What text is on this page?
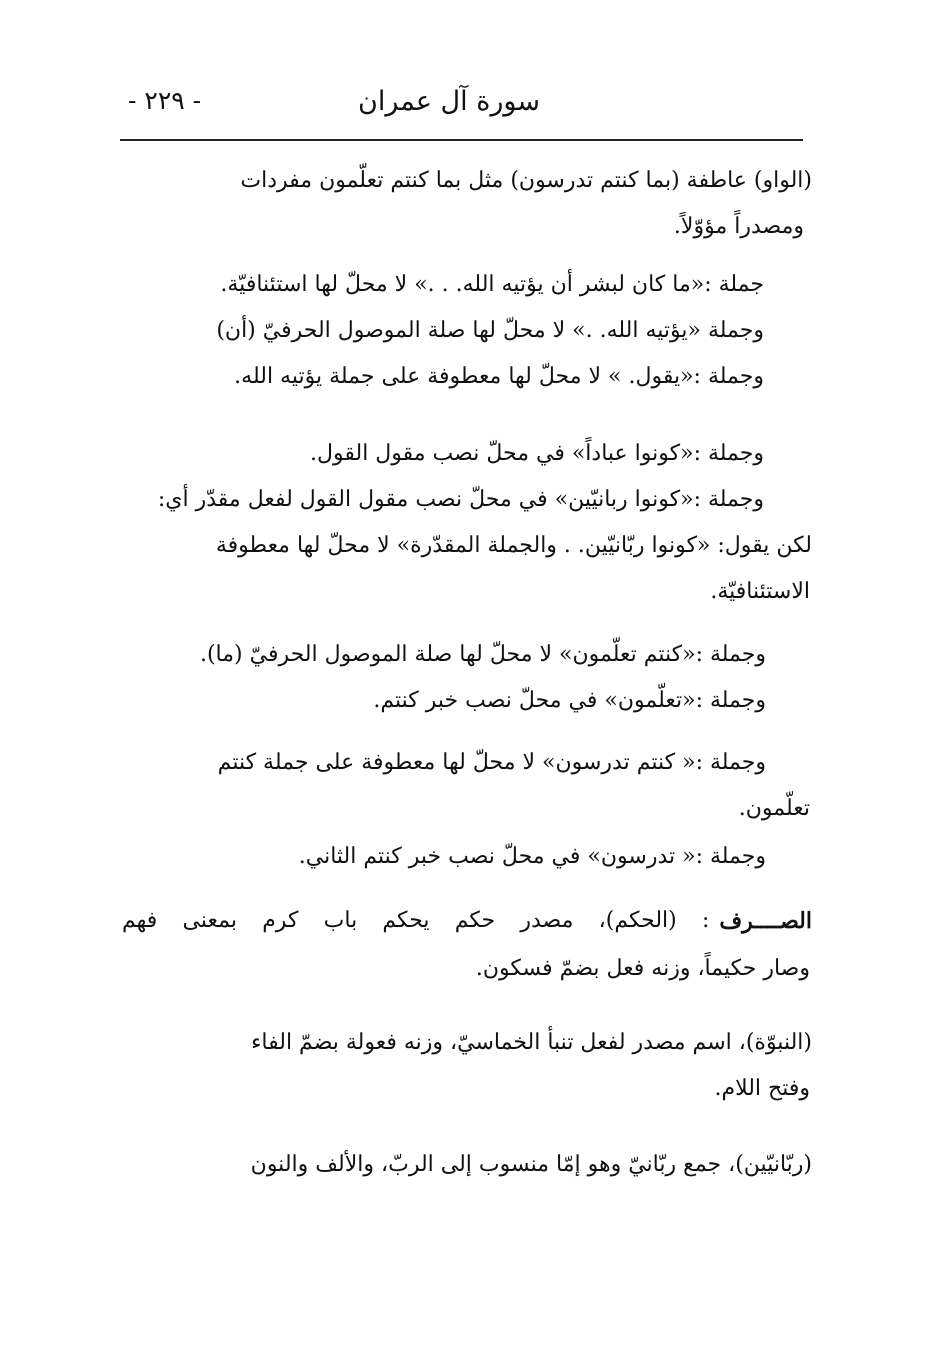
سورة آل عمران
- ٢٢٩ -
(الواو) عاطفة (بما كنتم تدرسون) مثل بما كنتم تعلّمون مفردات
ومصدراً مؤوّلاً.
جملة :«ما كان لبشر أن يؤتيه الله. . .» لا محلّ لها استئنافيّة.
وجملة «يؤتيه الله. .» لا محلّ لها صلة الموصول الحرفيّ (أن)
وجملة :«يقول. » لا محلّ لها معطوفة على جملة يؤتيه الله.
وجملة :«كونوا عباداً» في محلّ نصب مقول القول.
وجملة :«كونوا ربانيّين» في محلّ نصب مقول القول لفعل مقدّر أي:
لكن يقول: «كونوا ربّانيّين. . والجملة المقدّرة» لا محلّ لها معطوفة
الاستئنافيّة.
وجملة :«كنتم تعلّمون» لا محلّ لها صلة الموصول الحرفيّ (ما).
وجملة :«تعلّمون» في محلّ نصب خبر كنتم.
وجملة :« كنتم تدرسون» لا محلّ لها معطوفة على جملة كنتم
تعلّمون.
وجملة :« تدرسون» في محلّ نصب خبر كنتم الثاني.
الصــــرف
: (الحكم)، مصدر حكم يحكم باب كرم بمعنى فهم
وصار حكيماً، وزنه فعل بضمّ فسكون.
(النبوّة)، اسم مصدر لفعل تنبأ الخماسيّ، وزنه فعولة بضمّ الفاء
وفتح اللام.
(ربّانيّين)، جمع ربّانيّ وهو إمّا منسوب إلى الربّ، والألف والنون
